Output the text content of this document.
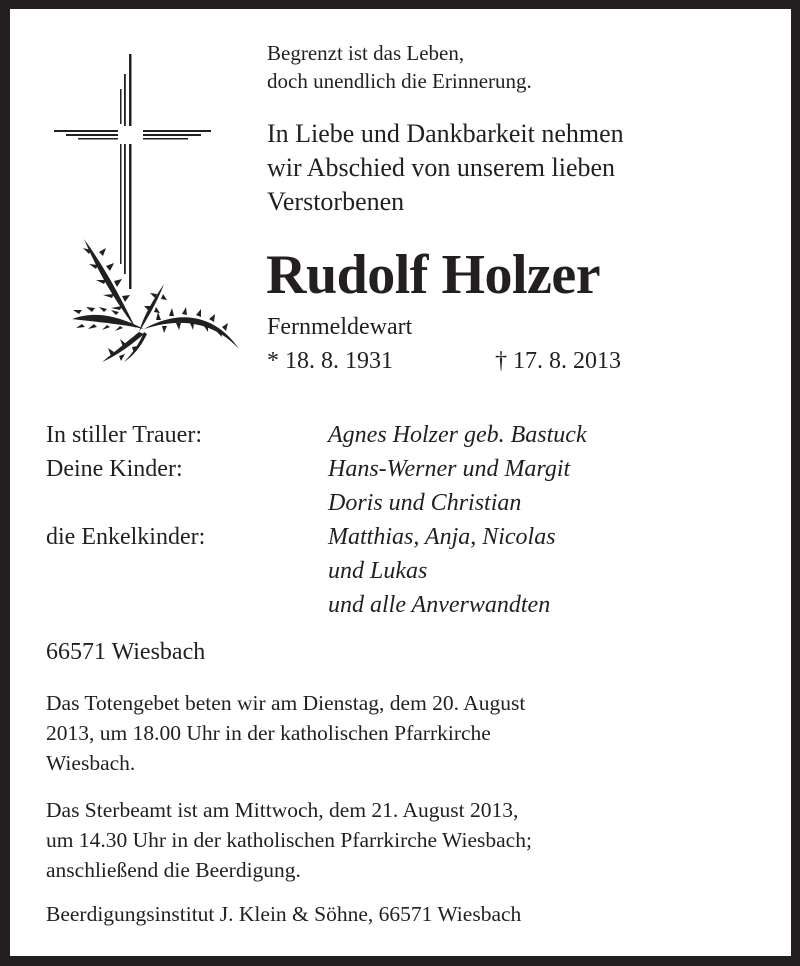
Begrenzt ist das Leben,
doch unendlich die Erinnerung.
In Liebe und Dankbarkeit nehmen
wir Abschied von unserem lieben
Verstorbenen
Rudolf Holzer
Fernmeldewart
* 18. 8. 1931	† 17. 8. 2013
In stiller Trauer:
Deine Kinder:

die Enkelkinder:
Agnes Holzer geb. Bastuck
Hans-Werner und Margit
Doris und Christian
Matthias, Anja, Nicolas
und Lukas
und alle Anverwandten
66571 Wiesbach
Das Totengebet beten wir am Dienstag, dem 20. August
2013, um 18.00 Uhr in der katholischen Pfarrkirche
Wiesbach.
Das Sterbeamt ist am Mittwoch, dem 21. August 2013,
um 14.30 Uhr in der katholischen Pfarrkirche Wiesbach;
anschließend die Beerdigung.
Beerdigungsinstitut J. Klein & Söhne, 66571 Wiesbach
